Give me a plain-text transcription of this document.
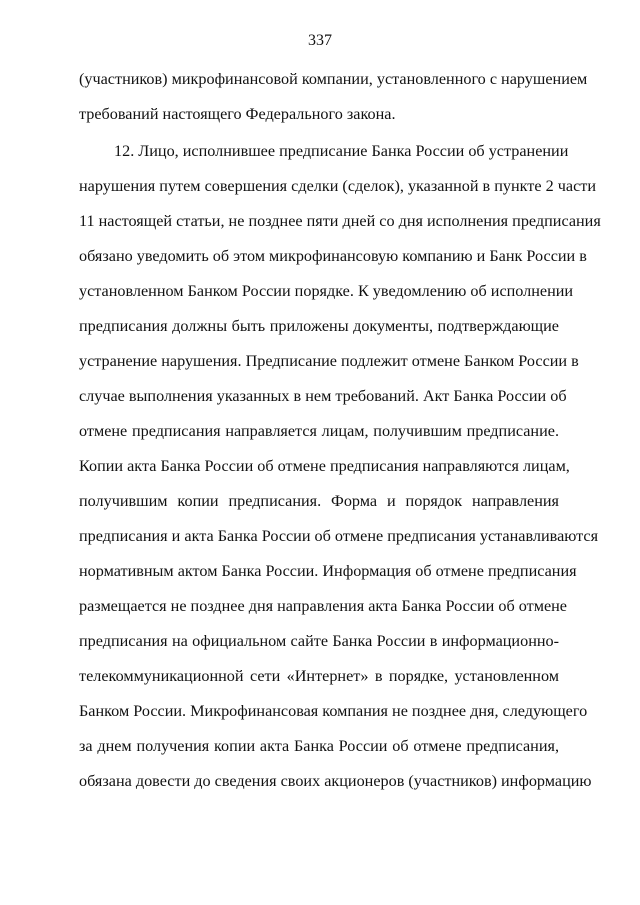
337
(участников) микрофинансовой компании, установленного с нарушением
требований настоящего Федерального закона.
12. Лицо, исполнившее предписание Банка России об устранении
нарушения путем совершения сделки (сделок), указанной в пункте 2 части
11 настоящей статьи, не позднее пяти дней со дня исполнения предписания
обязано уведомить об этом микрофинансовую компанию и Банк России в
установленном Банком России порядке. К уведомлению об исполнении
предписания должны быть приложены документы, подтверждающие
устранение нарушения. Предписание подлежит отмене Банком России в
случае выполнения указанных в нем требований. Акт Банка России об
отмене предписания направляется лицам, получившим предписание.
Копии акта Банка России об отмене предписания направляются лицам,
получившим копии предписания. Форма и порядок направления
предписания и акта Банка России об отмене предписания устанавливаются
нормативным актом Банка России. Информация об отмене предписания
размещается не позднее дня направления акта Банка России об отмене
предписания на официальном сайте Банка России в информационно-
телекоммуникационной сети «Интернет» в порядке, установленном
Банком России. Микрофинансовая компания не позднее дня, следующего
за днем получения копии акта Банка России об отмене предписания,
обязана довести до сведения своих акционеров (участников) информацию
